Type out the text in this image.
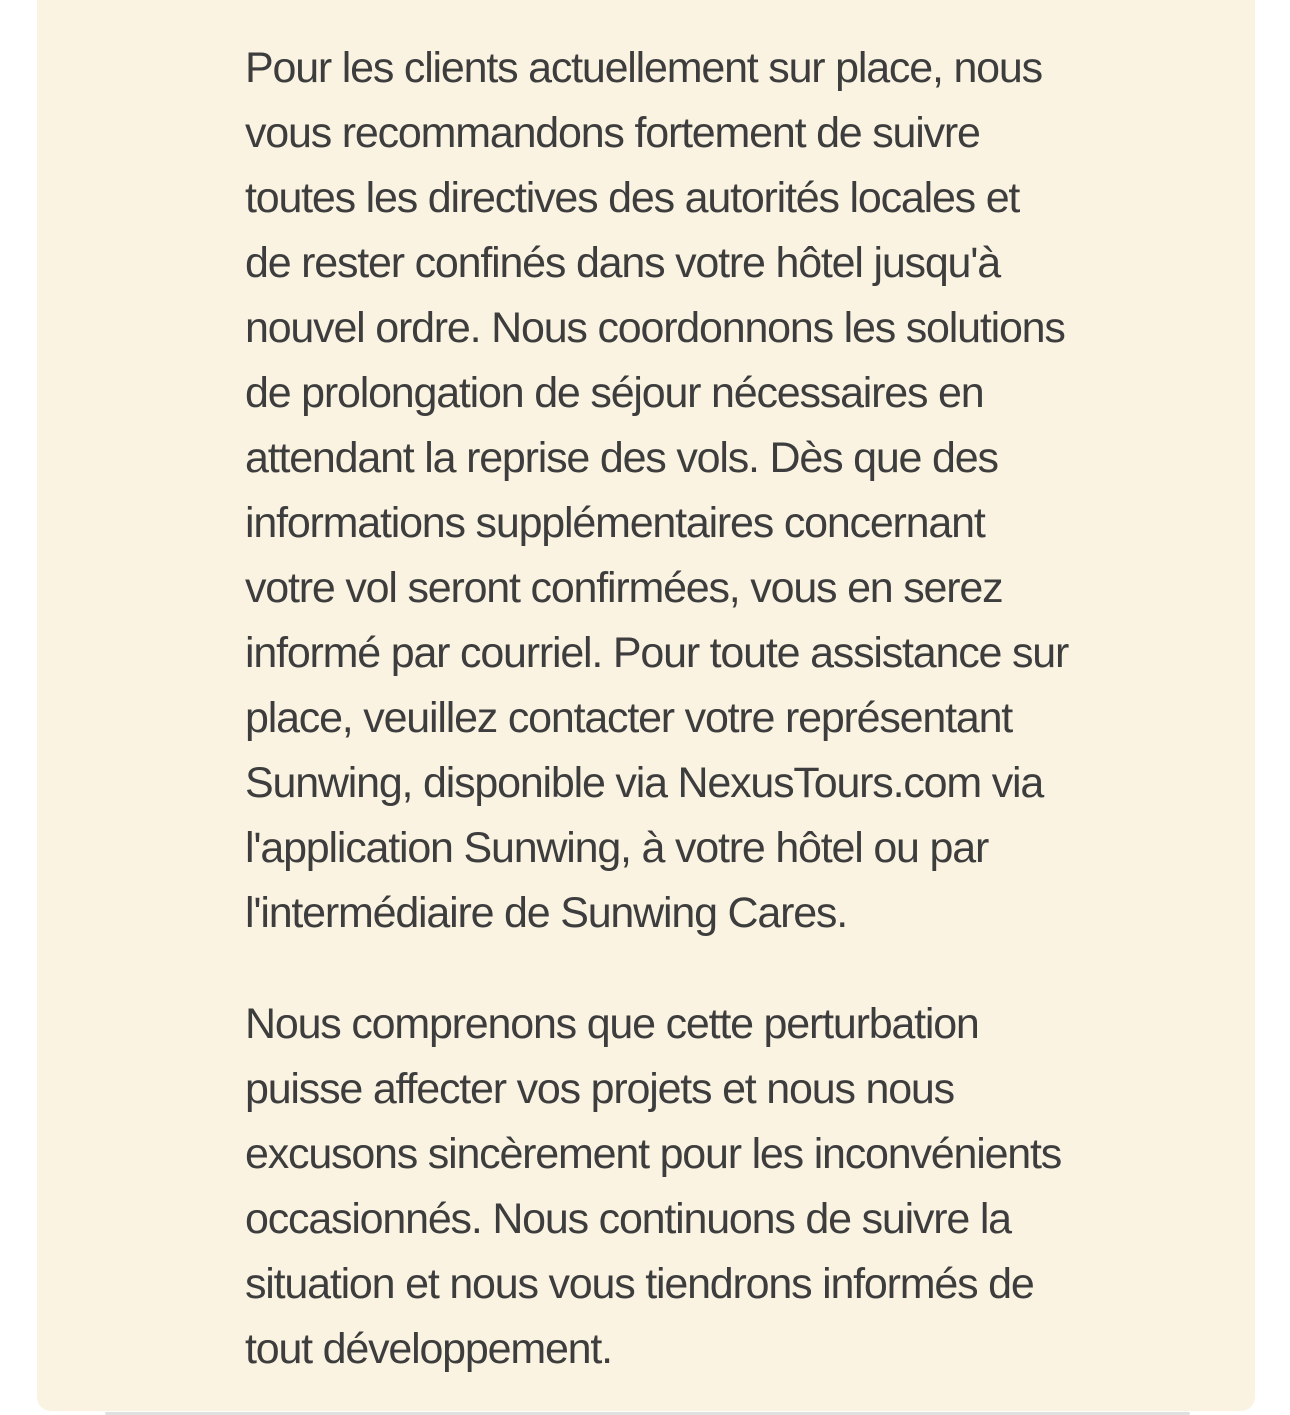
Pour les clients actuellement sur place, nous
vous recommandons fortement de suivre
toutes les directives des autorités locales et
de rester confinés dans votre hôtel jusqu'à
nouvel ordre. Nous coordonnons les solutions
de prolongation de séjour nécessaires en
attendant la reprise des vols. Dès que des
informations supplémentaires concernant
votre vol seront confirmées, vous en serez
informé par courriel. Pour toute assistance sur
place, veuillez contacter votre représentant
Sunwing, disponible via NexusTours.com via
l'application Sunwing, à votre hôtel ou par
l'intermédiaire de Sunwing Cares.

Nous comprenons que cette perturbation
puisse affecter vos projets et nous nous
excusons sincèrement pour les inconvénients
occasionnés. Nous continuons de suivre la
situation et nous vous tiendrons informés de
tout développement.
